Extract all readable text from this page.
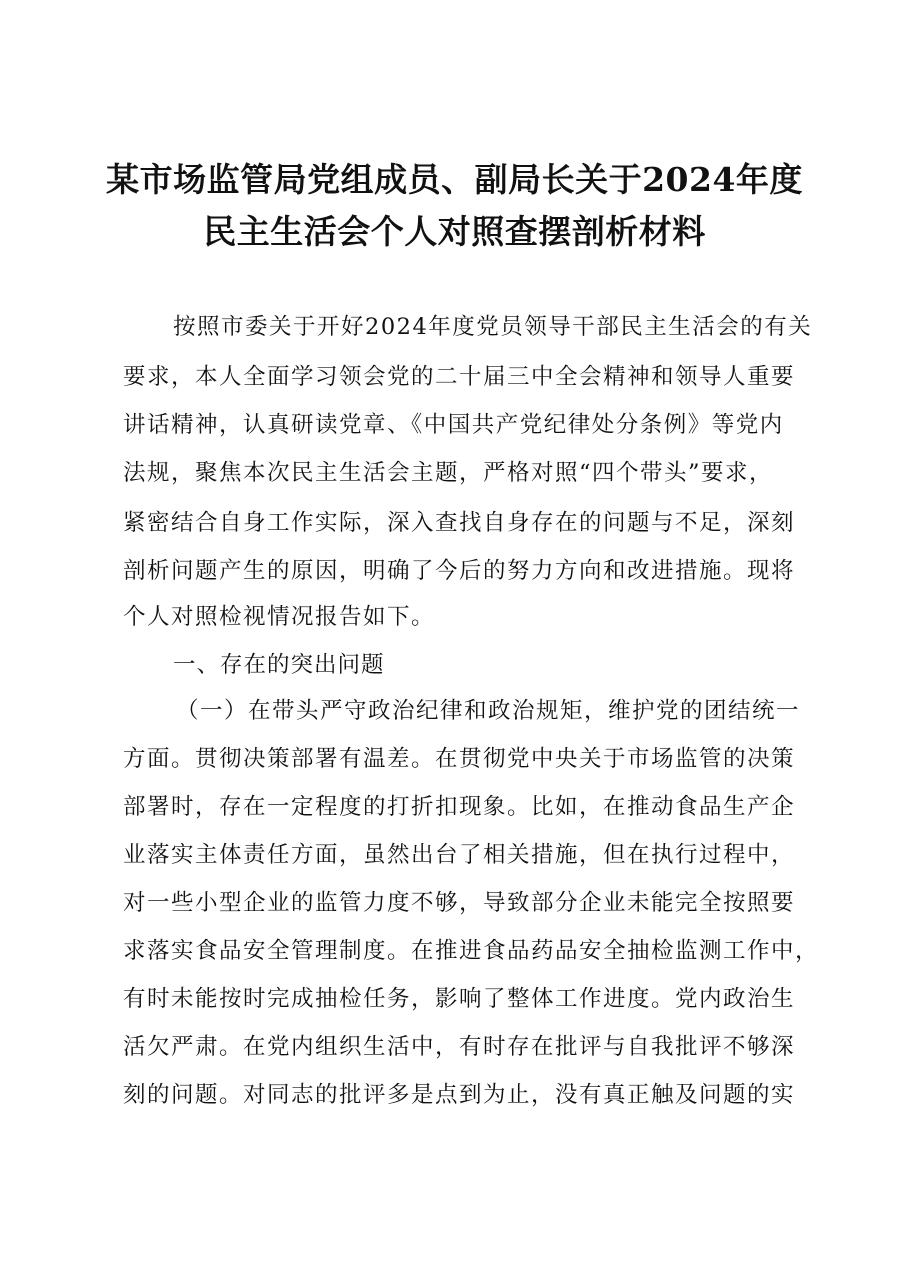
某市场监管局党组成员、副局长关于2024年度
民主生活会个人对照查摆剖析材料
按照市委关于开好2024年度党员领导干部民主生活会的有关
要求，本人全面学习领会党的二十届三中全会精神和领导人重要
讲话精神，认真研读党章、《中国共产党纪律处分条例》等党内
法规，聚焦本次民主生活会主题，严格对照“四个带头”要求，
紧密结合自身工作实际，深入查找自身存在的问题与不足，深刻
剖析问题产生的原因，明确了今后的努力方向和改进措施。现将
个人对照检视情况报告如下。
一、存在的突出问题
（一）在带头严守政治纪律和政治规矩，维护党的团结统一
方面。贯彻决策部署有温差。在贯彻党中央关于市场监管的决策
部署时，存在一定程度的打折扣现象。比如，在推动食品生产企
业落实主体责任方面，虽然出台了相关措施，但在执行过程中，
对一些小型企业的监管力度不够，导致部分企业未能完全按照要
求落实食品安全管理制度。在推进食品药品安全抽检监测工作中，
有时未能按时完成抽检任务，影响了整体工作进度。党内政治生
活欠严肃。在党内组织生活中，有时存在批评与自我批评不够深
刻的问题。对同志的批评多是点到为止，没有真正触及问题的实
